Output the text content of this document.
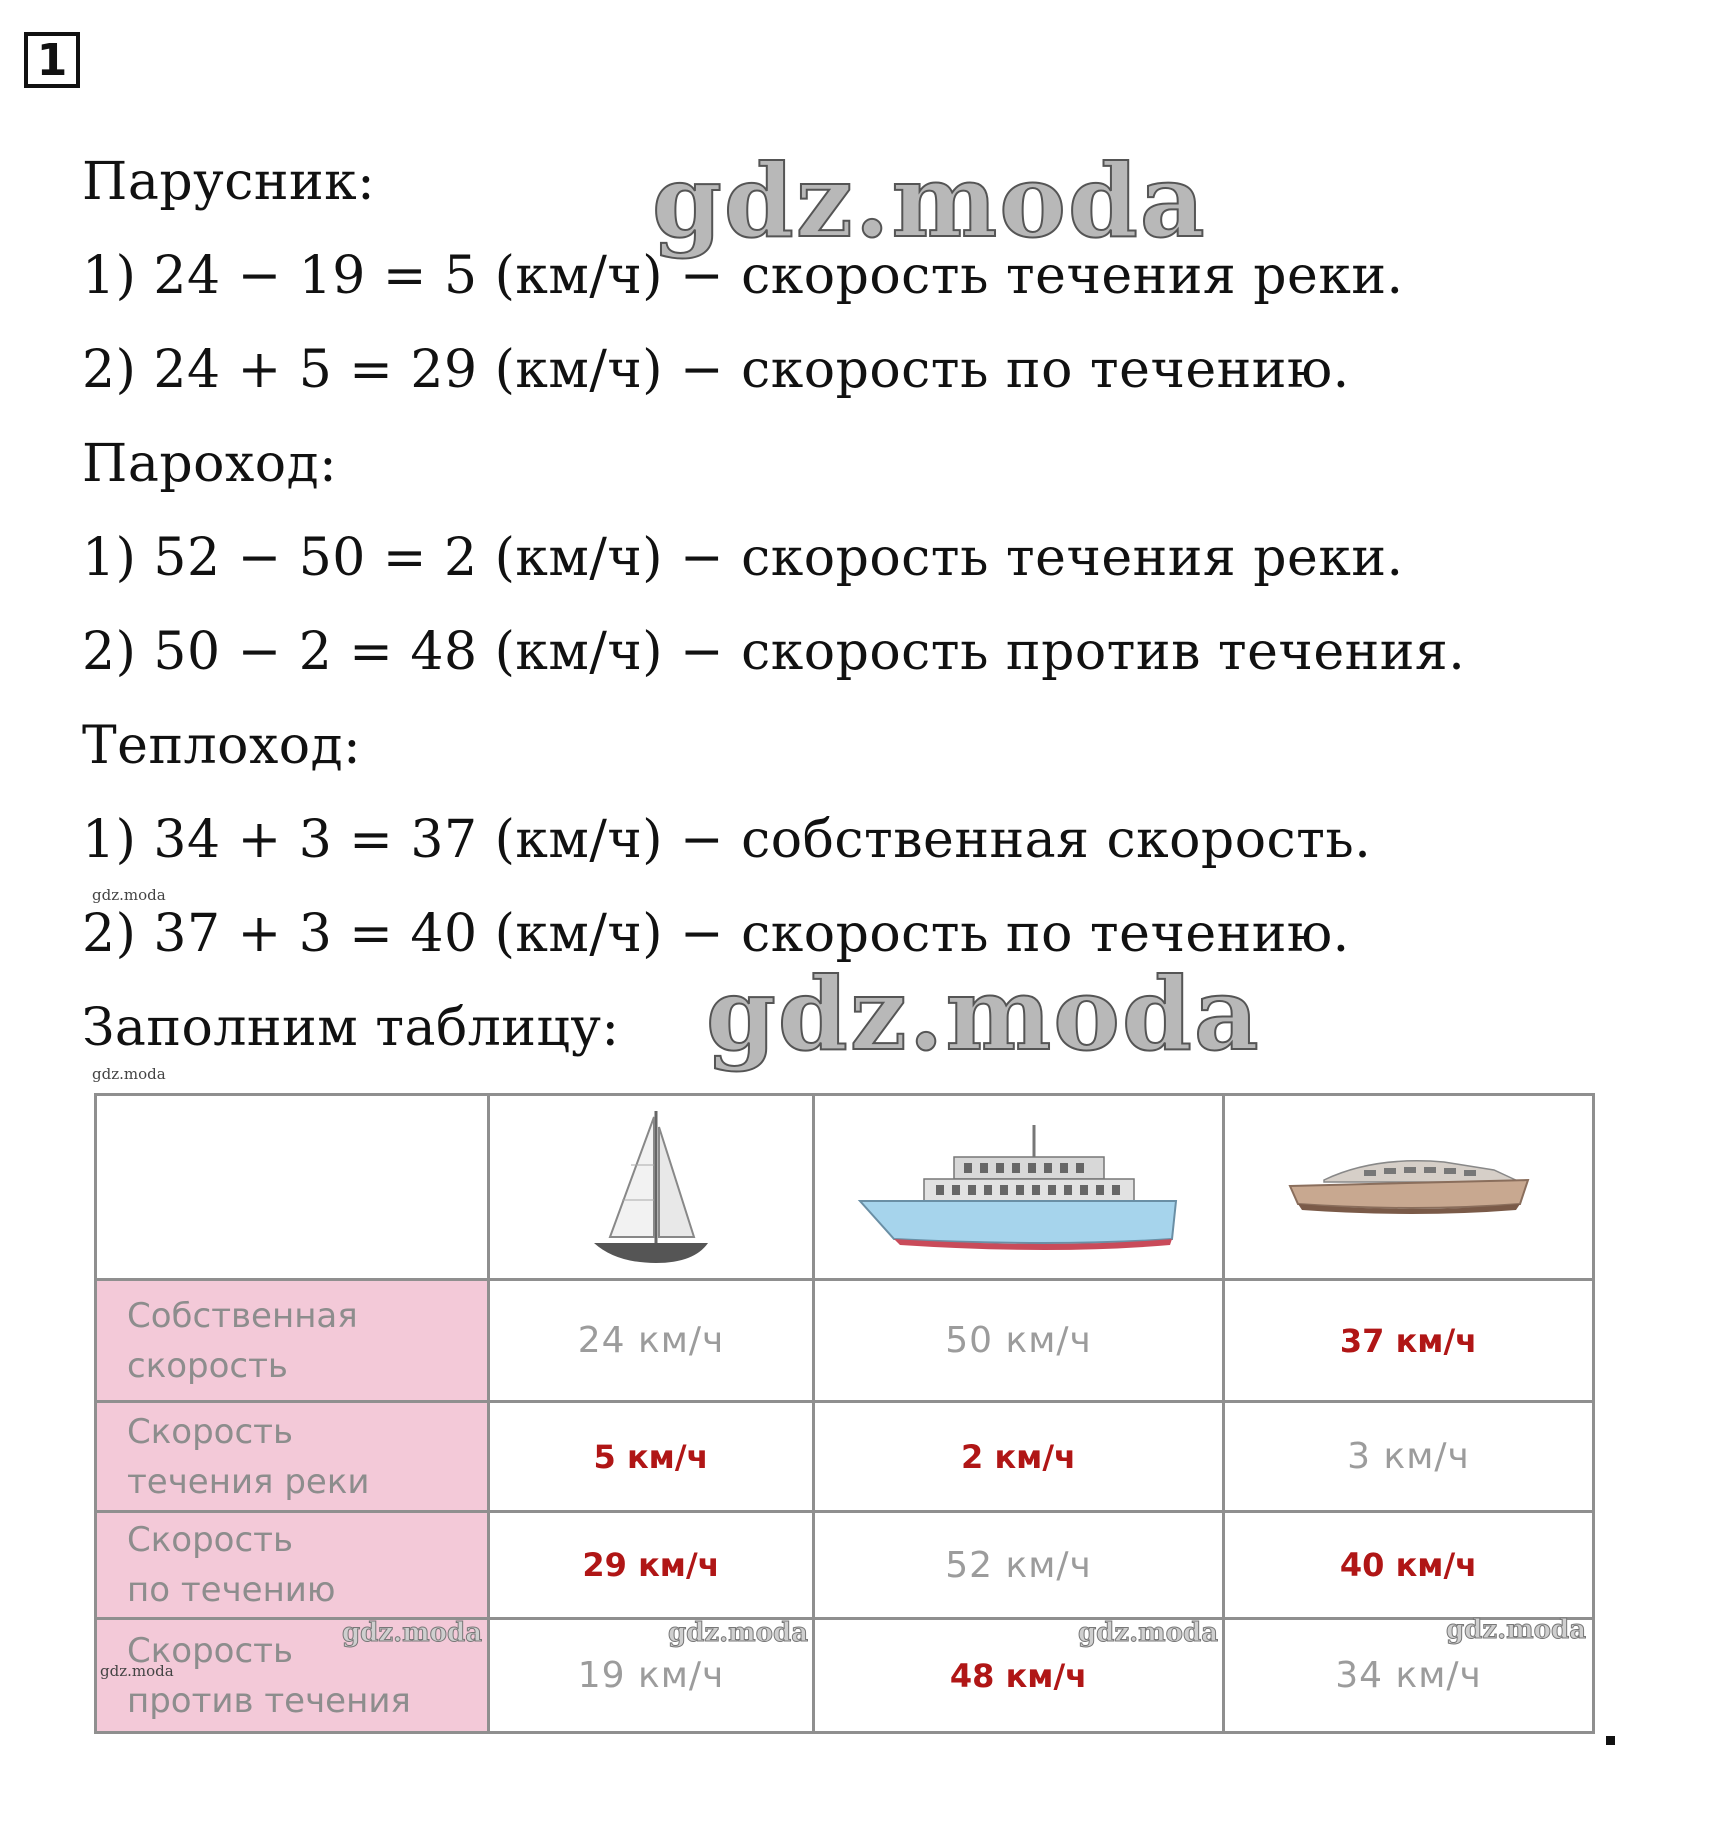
1
Парусник:
1) 24 − 19 = 5 (км/ч) − скорость течения реки.
2) 24 + 5 = 29 (км/ч) − скорость по течению.
Пароход:
1) 52 − 50 = 2 (км/ч) − скорость течения реки.
2) 50 − 2 = 48 (км/ч) − скорость против течения.
Теплоход:
1) 34 + 3 = 37 (км/ч) − собственная скорость.
2) 37 + 3 = 40 (км/ч) − скорость по течению.
Заполним таблицу:
gdz.moda
gdz.moda
gdz.moda
gdz.moda

Собственная
скорость	24 км/ч	50 км/ч	37 км/ч
Скорость
течения реки	5 км/ч	2 км/ч	3 км/ч
Скорость
по течению	29 км/ч	52 км/ч	40 км/ч
Скорость
против течения	19 км/ч	48 км/ч	34 км/ч
gdz.moda	gdz.moda	gdz.moda	gdz.moda
gdz.moda
